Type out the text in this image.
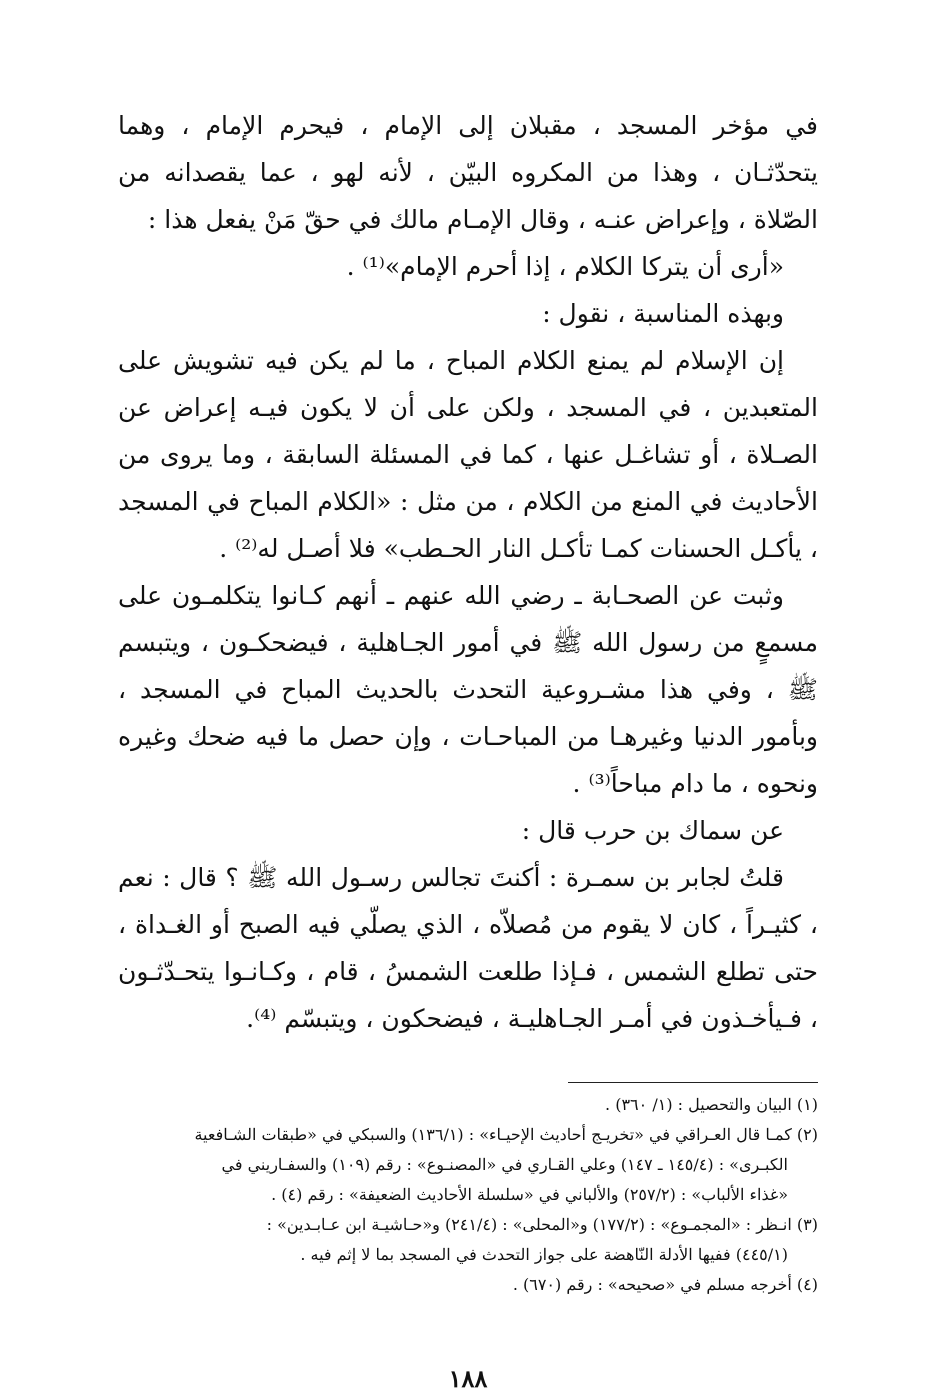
في مؤخر المسجد ، مقبلان إلى الإمام ، فيحرم الإمام ، وهما يتحدّثـان ، وهذا من المكروه البيّن ، لأنه لهو ، عما يقصدانه من الصّلاة ، وإعراض عنـه ، وقال الإمـام مالك في حقّ مَنْ يفعل هذا :

«أرى أن يتركا الكلام ، إذا أحرم الإمام»⁽¹⁾ .

وبهذه المناسبة ، نقول :

إن الإسلام لم يمنع الكلام المباح ، ما لم يكن فيه تشويش على المتعبدين ، في المسجد ، ولكن على أن لا يكون فيـه إعراض عن الصـلاة ، أو تشاغـل عنها ، كما في المسئلة السابقة ، وما يروى من الأحاديث في المنع من الكلام ، من مثل : «الكلام المباح في المسجد ، يأكـل الحسنات كمـا تأكـل النار الحـطب» فلا أصـل له⁽²⁾ .

وثبت عن الصحـابة ـ رضي الله عنهم ـ أنهم كـانوا يتكلمـون على مسمعٍ من رسول الله ﷺ في أمور الجـاهلية ، فيضحكـون ، ويتبسم ﷺ ، وفي هذا مشـروعية التحدث بالحديث المباح في المسجد ، وبأمور الدنيا وغيرهـا من المباحـات ، وإن حصل ما فيه ضحك وغيره ونحوه ، ما دام مباحاً⁽³⁾ .

عن سماك بن حرب قال :

قلتُ لجابر بن سمـرة : أكنتَ تجالس رسـول الله ﷺ ؟ قال : نعم ، كثيـراً ، كان لا يقوم من مُصلاّه ، الذي يصلّي فيه الصبح أو الغـداة ، حتى تطلع الشمس ، فـإذا طلعت الشمسُ ، قام ، وكـانـوا يتحـدّثـون ، فـيأخـذون في أمـر الجـاهليـة ، فيضحكون ، ويتبسّم ⁽⁴⁾.

(١) البيان والتحصيل : (١/ ٣٦٠) .

(٢) كمـا قال العـراقي في «تخريـج أحاديث الإحيـاء» : (١٣٦/١) والسبكي في «طبقات الشـافعية

الكبـرى» : (١٤٥/٤ ـ ١٤٧) وعلي القـاري في «المصنـوع» : رقم (١٠٩) والسفـاريني في

«غذاء الألباب» : (٢٥٧/٢) والألباني في «سلسلة الأحاديث الضعيفة» : رقم (٤) .

(٣) انـظر : «المجمـوع» : (١٧٧/٢) و«المحلى» : (٢٤١/٤) و«حـاشيـة ابن عـابـدين» :

(٤٤٥/١) ففيها الأدلة النّاهضة على جواز التحدث في المسجد بما لا إثم فيه .

(٤) أخرجه مسلم في «صحيحه» : رقم (٦٧٠) .

١٨٨
